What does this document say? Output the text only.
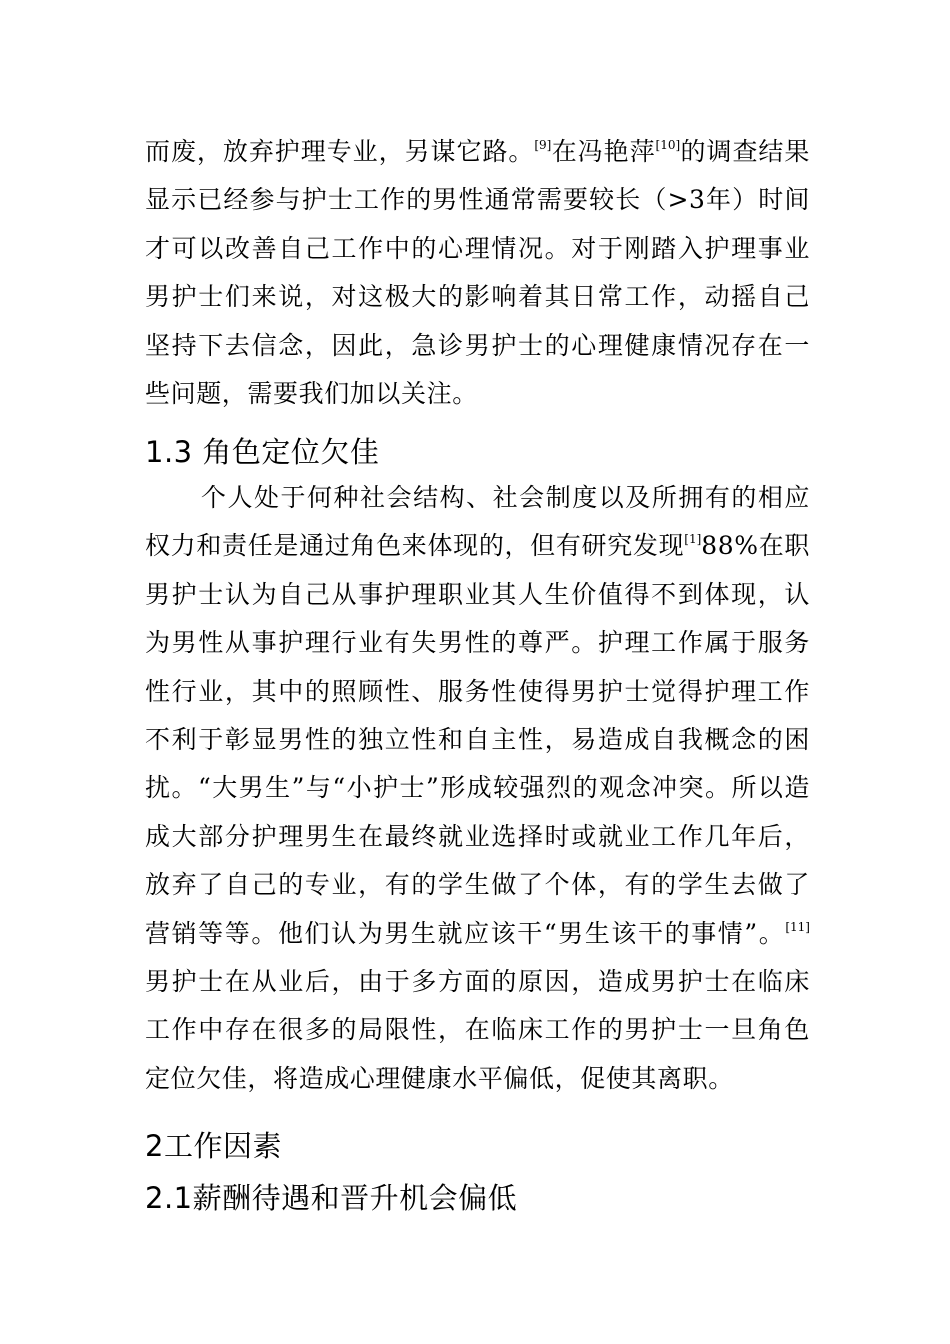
而废，放弃护理专业，另谋它路。[9]在冯艳萍[10]的调查结果显示已经参与护士工作的男性通常需要较长（>3年）时间才可以改善自己工作中的心理情况。对于刚踏入护理事业男护士们来说，对这极大的影响着其日常工作，动摇自己坚持下去信念，因此，急诊男护士的心理健康情况存在一些问题，需要我们加以关注。

1.3 角色定位欠佳

个人处于何种社会结构、社会制度以及所拥有的相应权力和责任是通过角色来体现的，但有研究发现[1]88%在职男护士认为自己从事护理职业其人生价值得不到体现，认为男性从事护理行业有失男性的尊严。护理工作属于服务性行业，其中的照顾性、服务性使得男护士觉得护理工作不利于彰显男性的独立性和自主性，易造成自我概念的困扰。“大男生”与“小护士”形成较强烈的观念冲突。所以造成大部分护理男生在最终就业选择时或就业工作几年后，放弃了自己的专业，有的学生做了个体，有的学生去做了营销等等。他们认为男生就应该干“男生该干的事情”。[11]男护士在从业后，由于多方面的原因，造成男护士在临床工作中存在很多的局限性，在临床工作的男护士一旦角色定位欠佳，将造成心理健康水平偏低，促使其离职。

2工作因素
2.1薪酬待遇和晋升机会偏低
